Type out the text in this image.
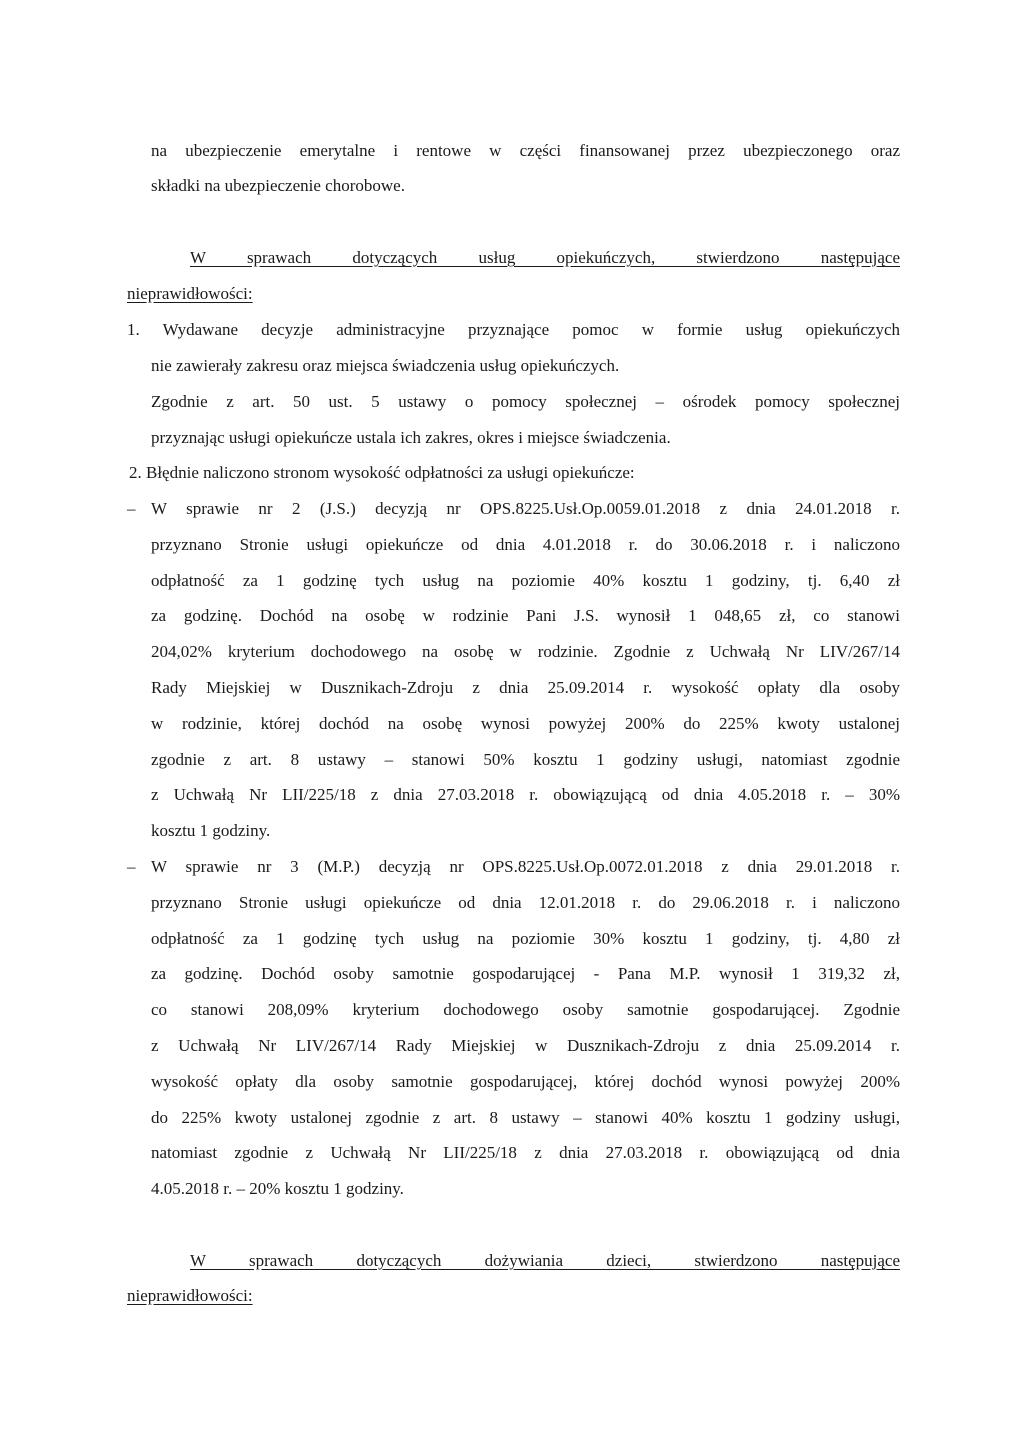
na ubezpieczenie emerytalne i rentowe w części finansowanej przez ubezpieczonego oraz
składki na ubezpieczenie chorobowe.
W sprawach dotyczących usług opiekuńczych, stwierdzono następujące
nieprawidłowości:
1. Wydawane decyzje administracyjne przyznające pomoc w formie usług opiekuńczych
nie zawierały zakresu oraz miejsca świadczenia usług opiekuńczych.
Zgodnie z art. 50 ust. 5 ustawy o pomocy społecznej – ośrodek pomocy społecznej
przyznając usługi opiekuńcze ustala ich zakres, okres i miejsce świadczenia.
2. Błędnie naliczono stronom wysokość odpłatności za usługi opiekuńcze:
– W sprawie nr 2 (J.S.) decyzją nr OPS.8225.Usł.Op.0059.01.2018 z dnia 24.01.2018 r.
przyznano Stronie usługi opiekuńcze od dnia 4.01.2018 r. do 30.06.2018 r. i naliczono
odpłatność za 1 godzinę tych usług na poziomie 40% kosztu 1 godziny, tj. 6,40 zł
za godzinę. Dochód na osobę w rodzinie Pani J.S. wynosił 1 048,65 zł, co stanowi
204,02% kryterium dochodowego na osobę w rodzinie. Zgodnie z Uchwałą Nr LIV/267/14
Rady Miejskiej w Dusznikach-Zdroju z dnia 25.09.2014 r. wysokość opłaty dla osoby
w rodzinie, której dochód na osobę wynosi powyżej 200% do 225% kwoty ustalonej
zgodnie z art. 8 ustawy – stanowi 50% kosztu 1 godziny usługi, natomiast zgodnie
z Uchwałą Nr LII/225/18 z dnia 27.03.2018 r. obowiązującą od dnia 4.05.2018 r. – 30%
kosztu 1 godziny.
– W sprawie nr 3 (M.P.) decyzją nr OPS.8225.Usł.Op.0072.01.2018 z dnia 29.01.2018 r.
przyznano Stronie usługi opiekuńcze od dnia 12.01.2018 r. do 29.06.2018 r. i naliczono
odpłatność za 1 godzinę tych usług na poziomie 30% kosztu 1 godziny, tj. 4,80 zł
za godzinę. Dochód osoby samotnie gospodarującej - Pana M.P. wynosił 1 319,32 zł,
co stanowi 208,09% kryterium dochodowego osoby samotnie gospodarującej. Zgodnie
z Uchwałą Nr LIV/267/14 Rady Miejskiej w Dusznikach-Zdroju z dnia 25.09.2014 r.
wysokość opłaty dla osoby samotnie gospodarującej, której dochód wynosi powyżej 200%
do 225% kwoty ustalonej zgodnie z art. 8 ustawy – stanowi 40% kosztu 1 godziny usługi,
natomiast zgodnie z Uchwałą Nr LII/225/18 z dnia 27.03.2018 r. obowiązującą od dnia
4.05.2018 r. – 20% kosztu 1 godziny.
W sprawach dotyczących dożywiania dzieci, stwierdzono następujące
nieprawidłowości:
